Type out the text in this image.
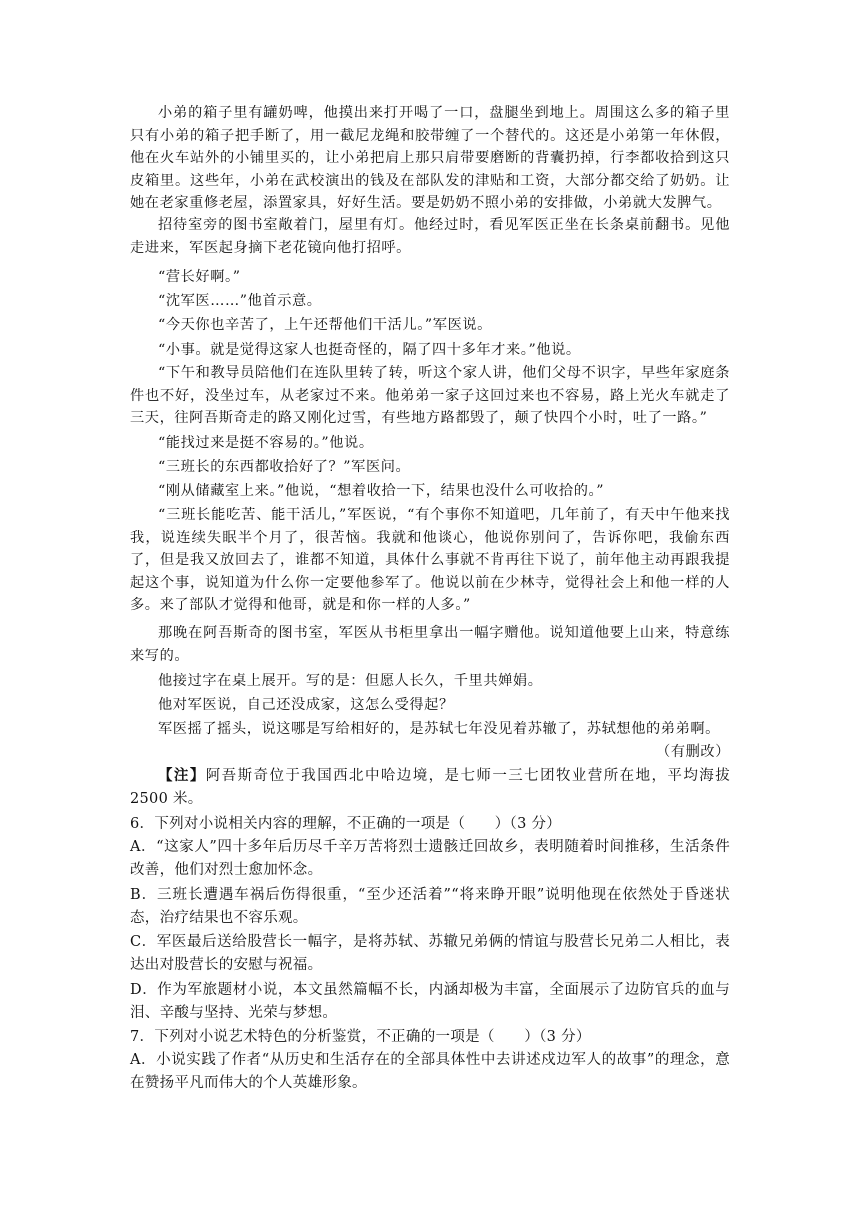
小弟的箱子里有罐奶啤，他摸出来打开喝了一口，盘腿坐到地上。周围这么多的箱子里只有小弟的箱子把手断了，用一截尼龙绳和胶带缠了一个替代的。这还是小弟第一年休假，他在火车站外的小铺里买的，让小弟把肩上那只肩带要磨断的背囊扔掉，行李都收拾到这只皮箱里。这些年，小弟在武校演出的钱及在部队发的津贴和工资，大部分都交给了奶奶。让她在老家重修老屋，添置家具，好好生活。要是奶奶不照小弟的安排做，小弟就大发脾气。

招待室旁的图书室敞着门，屋里有灯。他经过时，看见军医正坐在长条桌前翻书。见他走进来，军医起身摘下老花镜向他打招呼。

“营长好啊。”

“沈军医……”他首示意。

“今天你也辛苦了，上午还帮他们干活儿。”军医说。

“小事。就是觉得这家人也挺奇怪的，隔了四十多年才来。”他说。

“下午和教导员陪他们在连队里转了转，听这个家人讲，他们父母不识字，早些年家庭条件也不好，没坐过车，从老家过不来。他弟弟一家子这回过来也不容易，路上光火车就走了三天，往阿吾斯奇走的路又刚化过雪，有些地方路都毁了，颠了快四个小时，吐了一路。”

“能找过来是挺不容易的。”他说。

“三班长的东西都收拾好了？”军医问。

“刚从储藏室上来。”他说，“想着收拾一下，结果也没什么可收拾的。”

“三班长能吃苦、能干活儿，”军医说，“有个事你不知道吧，几年前了，有天中午他来找我，说连续失眠半个月了，很苦恼。我就和他谈心，他说你别问了，告诉你吧，我偷东西了，但是我又放回去了，谁都不知道，具体什么事就不肯再往下说了，前年他主动再跟我提起这个事，说知道为什么你一定要他参军了。他说以前在少林寺，觉得社会上和他一样的人多。来了部队才觉得和他哥，就是和你一样的人多。”

那晚在阿吾斯奇的图书室，军医从书柜里拿出一幅字赠他。说知道他要上山来，特意练来写的。

他接过字在桌上展开。写的是：但愿人长久，千里共婵娟。

他对军医说，自己还没成家，这怎么受得起？

军医摇了摇头，说这哪是写给相好的，是苏轼七年没见着苏辙了，苏轼想他的弟弟啊。

（有删改）

【注】阿吾斯奇位于我国西北中哈边境，是七师一三七团牧业营所在地，平均海拔 2500 米。

6．下列对小说相关内容的理解，不正确的一项是（　　）（3 分）

A．“这家人”四十多年后历尽千辛万苦将烈士遗骸迁回故乡，表明随着时间推移，生活条件改善，他们对烈士愈加怀念。

B．三班长遭遇车祸后伤得很重，“至少还活着”“将来睁开眼”说明他现在依然处于昏迷状态，治疗结果也不容乐观。

C．军医最后送给股营长一幅字，是将苏轼、苏辙兄弟俩的情谊与股营长兄弟二人相比，表达出对股营长的安慰与祝福。

D．作为军旅题材小说，本文虽然篇幅不长，内涵却极为丰富，全面展示了边防官兵的血与泪、辛酸与坚持、光荣与梦想。

7．下列对小说艺术特色的分析鉴赏，不正确的一项是（　　）（3 分）

A．小说实践了作者“从历史和生活存在的全部具体性中去讲述戍边军人的故事”的理念，意在赞扬平凡而伟大的个人英雄形象。
